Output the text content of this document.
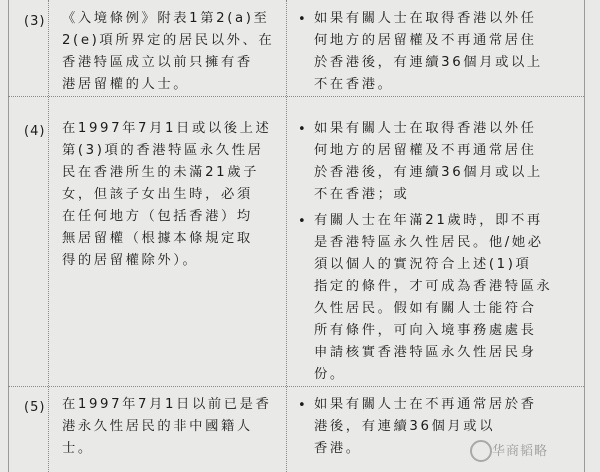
(3) 《入境條例》附表1第2(a)至
2(e)項所界定的居民以外、在
香港特區成立以前只擁有香
港居留權的人士。
• 如果有關人士在取得香港以外任
何地方的居留權及不再通常居住
於香港後，有連續36個月或以上
不在香港。
(4) 在1997年7月1日或以後上述
第(3)項的香港特區永久性居
民在香港所生的未滿21歲子
女，但該子女出生時，必須
在任何地方（包括香港）均
無居留權（根據本條規定取
得的居留權除外）。
• 如果有關人士在取得香港以外任
何地方的居留權及不再通常居住
於香港後，有連續36個月或以上
不在香港；或
• 有關人士在年滿21歲時，即不再
是香港特區永久性居民。他/她必
須以個人的實況符合上述(1)項
指定的條件，才可成為香港特區永
久性居民。假如有關人士能符合
所有條件，可向入境事務處處長
申請核實香港特區永久性居民身
份。
(5) 在1997年7月1日以前已是香
港永久性居民的非中國籍人
士。
• 如果有關人士在不再通常居於香
港後，有連續36個月或以
香港。	华商韬略
